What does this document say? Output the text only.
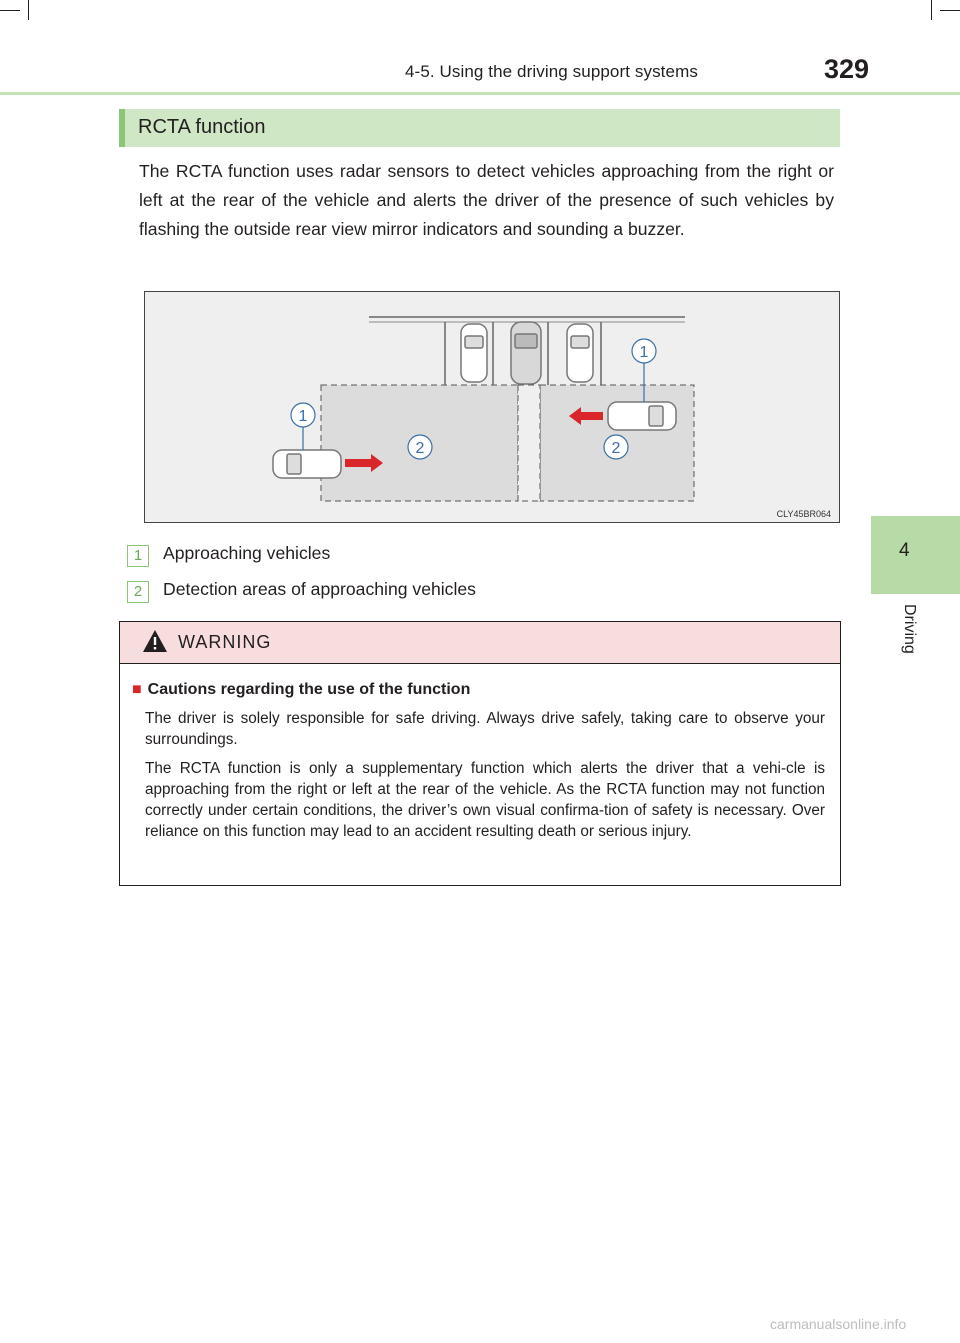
4-5. Using the driving support systems	329
4
Driving
RCTA function
The RCTA function uses radar sensors to detect vehicles approaching from the right or left at the rear of the vehicle and alerts the driver of the presence of such vehicles by flashing the outside rear view mirror indicators and sounding a buzzer.
1
1
2	2
CLY45BR064
1	Approaching vehicles
2	Detection areas of approaching vehicles
WARNING
■ Cautions regarding the use of the function
The driver is solely responsible for safe driving. Always drive safely, taking care to observe your surroundings.
The RCTA function is only a supplementary function which alerts the driver that a vehi-cle is approaching from the right or left at the rear of the vehicle. As the RCTA function may not function correctly under certain conditions, the driver’s own visual confirma-tion of safety is necessary. Over reliance on this function may lead to an accident resulting death or serious injury.
carmanualsonline.info
